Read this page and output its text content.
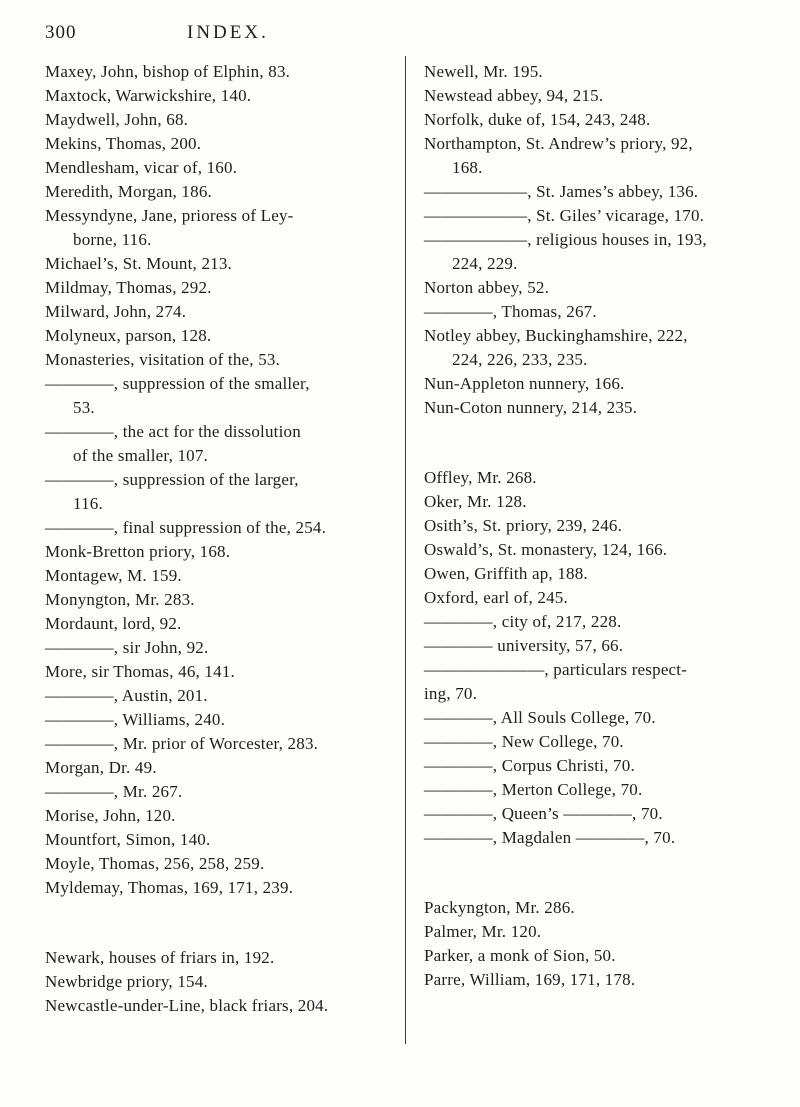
300	INDEX.
Maxey, John, bishop of Elphin, 83.
Maxtock, Warwickshire, 140.
Maydwell, John, 68.
Mekins, Thomas, 200.
Mendlesham, vicar of, 160.
Meredith, Morgan, 186.
Messyndyne, Jane, prioress of Ley-
borne, 116.
Michael’s, St. Mount, 213.
Mildmay, Thomas, 292.
Milward, John, 274.
Molyneux, parson, 128.
Monasteries, visitation of the, 53.
————, suppression of the smaller,
53.
————, the act for the dissolution
of the smaller, 107.
————, suppression of the larger,
116.
————, final suppression of the, 254.
Monk-Bretton priory, 168.
Montagew, M. 159.
Monyngton, Mr. 283.
Mordaunt, lord, 92.
————, sir John, 92.
More, sir Thomas, 46, 141.
————, Austin, 201.
————, Williams, 240.
————, Mr. prior of Worcester, 283.
Morgan, Dr. 49.
————, Mr. 267.
Morise, John, 120.
Mountfort, Simon, 140.
Moyle, Thomas, 256, 258, 259.
Myldemay, Thomas, 169, 171, 239.
Newark, houses of friars in, 192.
Newbridge priory, 154.
Newcastle-under-Line, black friars, 204.
Newell, Mr. 195.
Newstead abbey, 94, 215.
Norfolk, duke of, 154, 243, 248.
Northampton, St. Andrew’s priory, 92,
168.
——————, St. James’s abbey, 136.
——————, St. Giles’ vicarage, 170.
——————, religious houses in, 193,
224, 229.
Norton abbey, 52.
————, Thomas, 267.
Notley abbey, Buckinghamshire, 222,
224, 226, 233, 235.
Nun-Appleton nunnery, 166.
Nun-Coton nunnery, 214, 235.
Offley, Mr. 268.
Oker, Mr. 128.
Osith’s, St. priory, 239, 246.
Oswald’s, St. monastery, 124, 166.
Owen, Griffith ap, 188.
Oxford, earl of, 245.
————, city of, 217, 228.
———— university, 57, 66.
———————, particulars respect-
ing, 70.
————, All Souls College, 70.
————, New College, 70.
————, Corpus Christi, 70.
————, Merton College, 70.
————, Queen’s ————, 70.
————, Magdalen ————, 70.
Packyngton, Mr. 286.
Palmer, Mr. 120.
Parker, a monk of Sion, 50.
Parre, William, 169, 171, 178.
